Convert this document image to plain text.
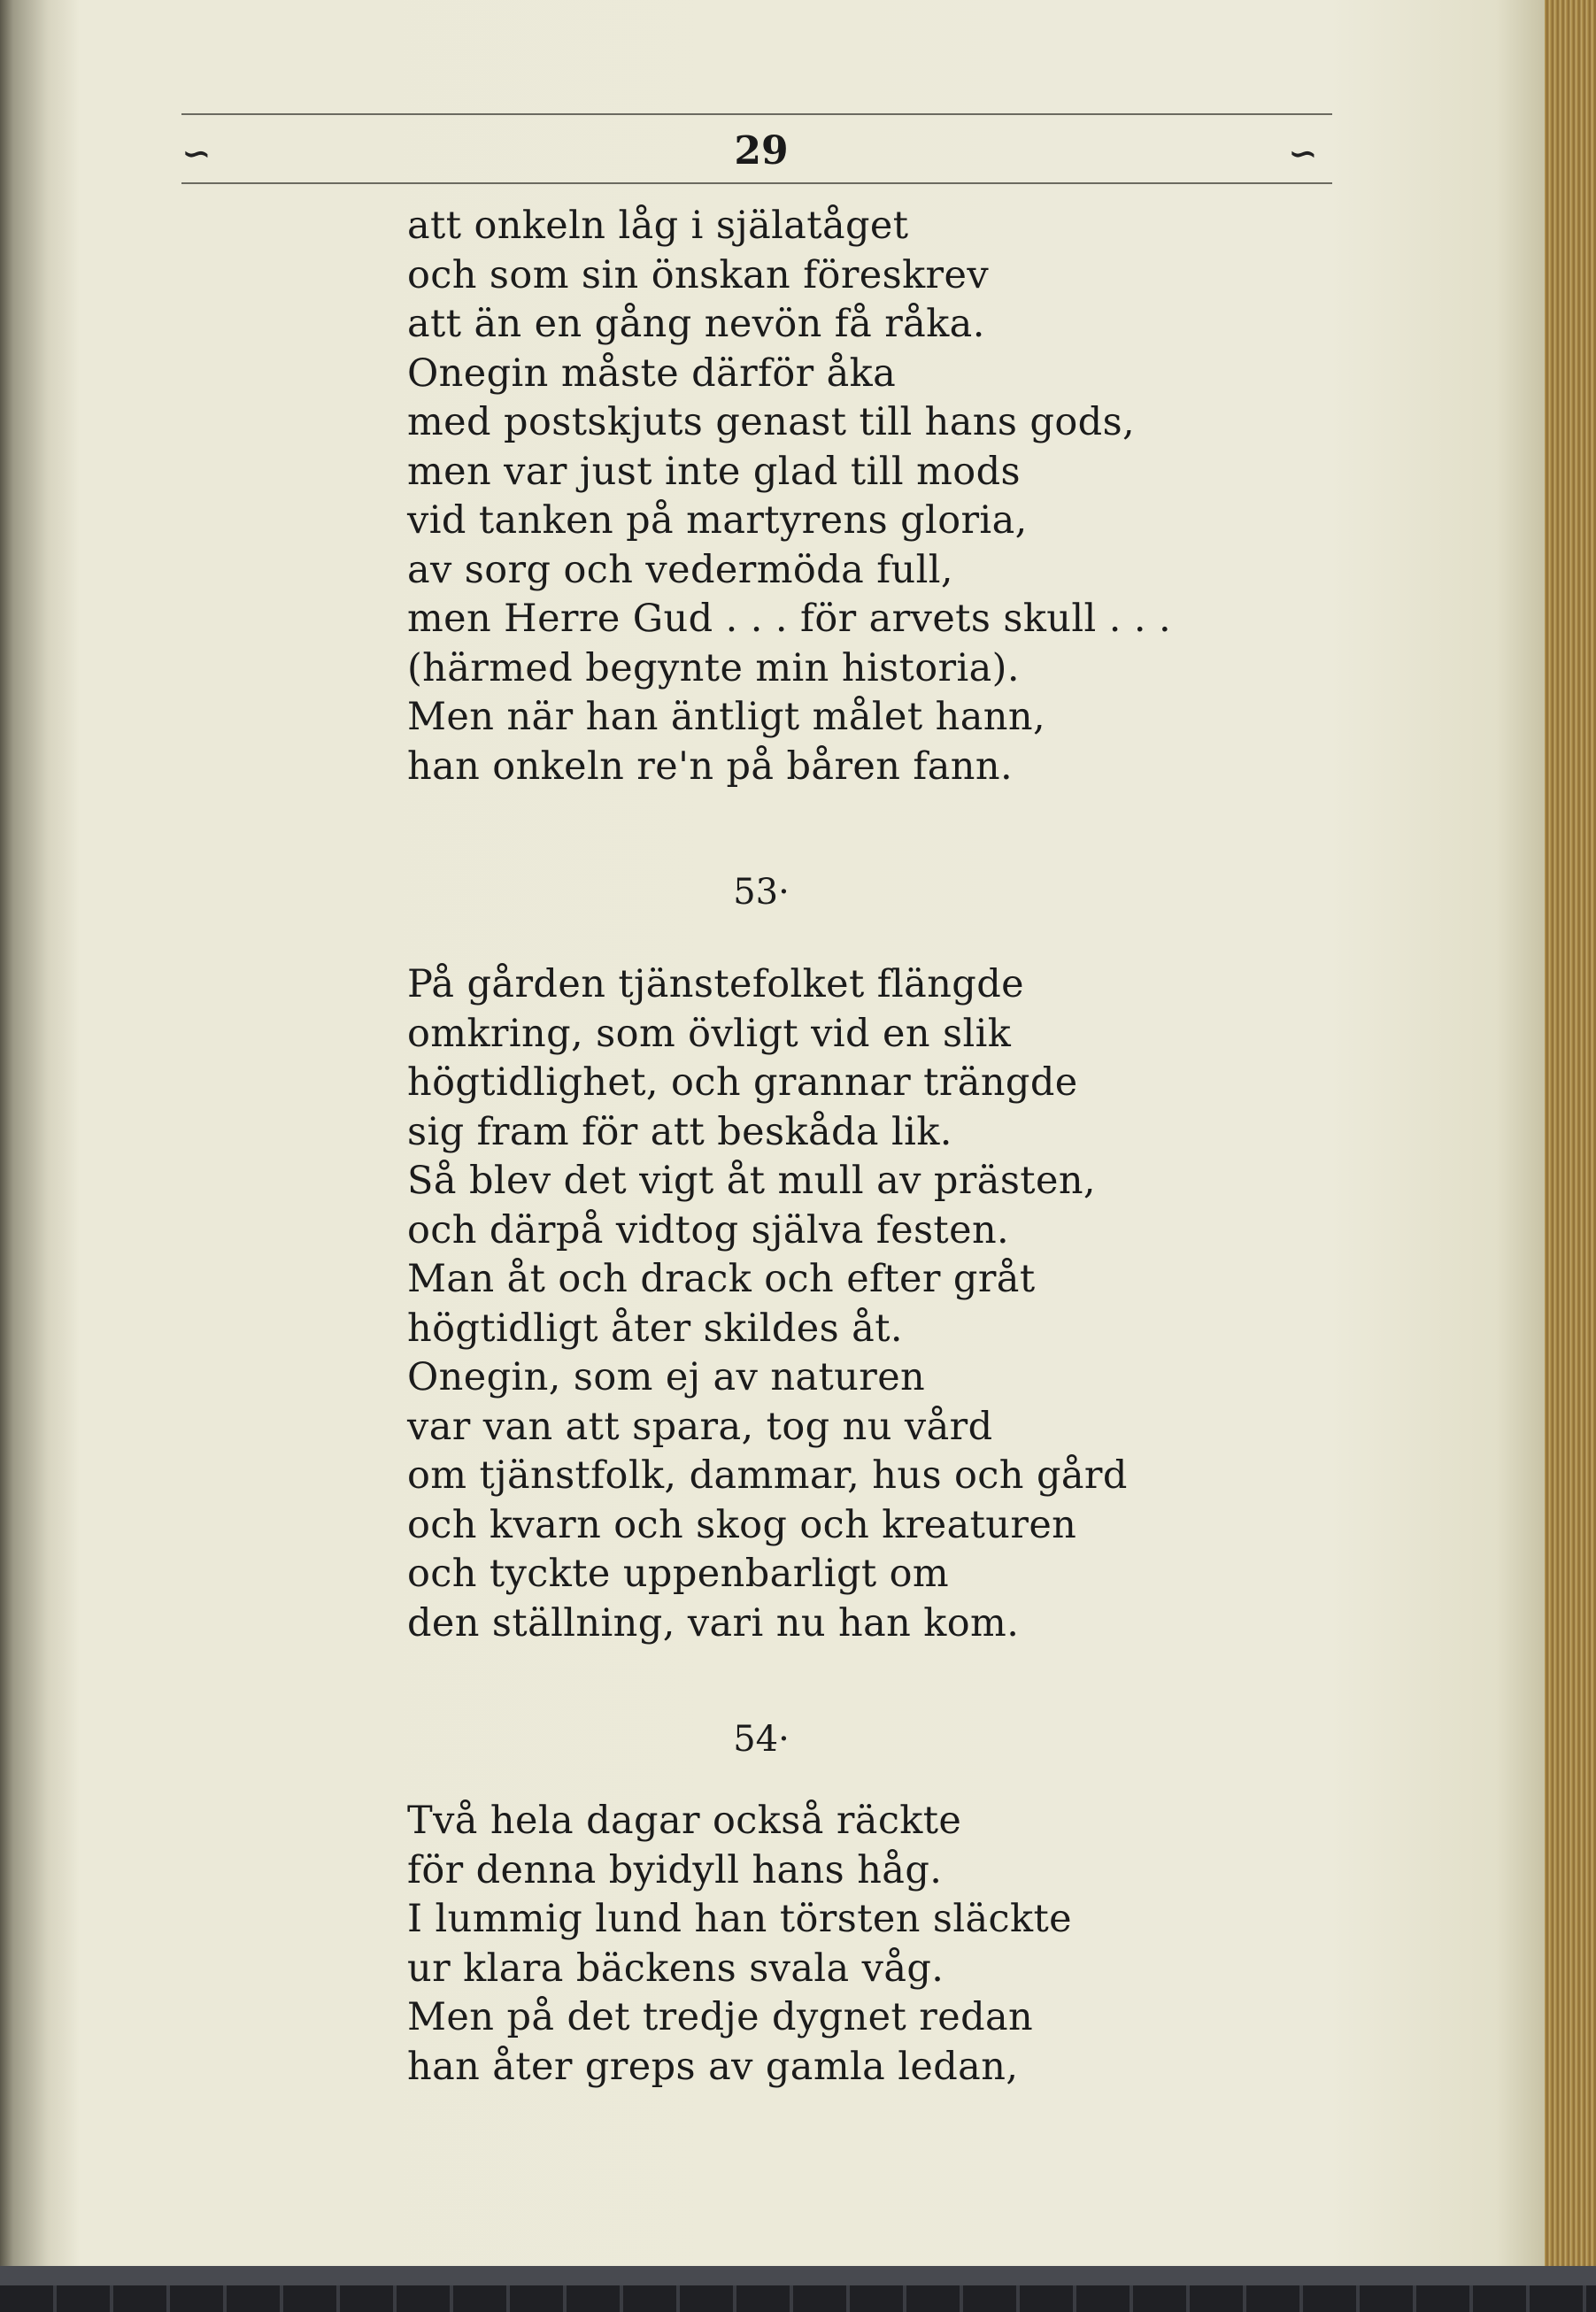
∽	29	∽
att onkeln låg i själatåget
och som sin önskan föreskrev
att än en gång nevön få råka.
Onegin måste därför åka
med postskjuts genast till hans gods,
men var just inte glad till mods
vid tanken på martyrens gloria,
av sorg och vedermöda full,
men Herre Gud . . . för arvets skull . . .
(härmed begynte min historia).
Men när han äntligt målet hann,
han onkeln re'n på båren fann.
53·
På gården tjänstefolket flängde
omkring, som övligt vid en slik
högtidlighet, och grannar trängde
sig fram för att beskåda lik.
Så blev det vigt åt mull av prästen,
och därpå vidtog själva festen.
Man åt och drack och efter gråt
högtidligt åter skildes åt.
Onegin, som ej av naturen
var van att spara, tog nu vård
om tjänstfolk, dammar, hus och gård
och kvarn och skog och kreaturen
och tyckte uppenbarligt om
den ställning, vari nu han kom.
54·
Två hela dagar också räckte
för denna byidyll hans håg.
I lummig lund han törsten släckte
ur klara bäckens svala våg.
Men på det tredje dygnet redan
han åter greps av gamla ledan,
